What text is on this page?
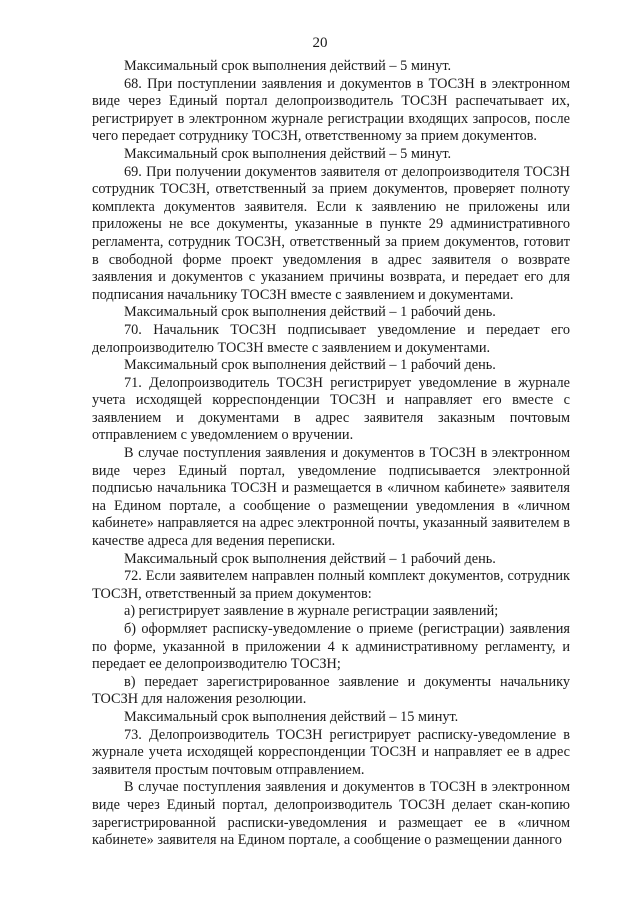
20

Максимальный срок выполнения действий – 5 минут.

68. При поступлении заявления и документов в ТОСЗН в электронном виде через Единый портал делопроизводитель ТОСЗН распечатывает их, регистрирует в электронном журнале регистрации входящих запросов, после чего передает сотруднику ТОСЗН, ответственному за прием документов.

Максимальный срок выполнения действий – 5 минут.

69. При получении документов заявителя от делопроизводителя ТОСЗН сотрудник ТОСЗН, ответственный за прием документов, проверяет полноту комплекта документов заявителя. Если к заявлению не приложены или приложены не все документы, указанные в пункте 29 административного регламента, сотрудник ТОСЗН, ответственный за прием документов, готовит в свободной форме проект уведомления в адрес заявителя о возврате заявления и документов с указанием причины возврата, и передает его для подписания начальнику ТОСЗН вместе с заявлением и документами.

Максимальный срок выполнения действий – 1 рабочий день.

70. Начальник ТОСЗН подписывает уведомление и передает его делопроизводителю ТОСЗН вместе с заявлением и документами.

Максимальный срок выполнения действий – 1 рабочий день.

71. Делопроизводитель ТОСЗН регистрирует уведомление в журнале учета исходящей корреспонденции ТОСЗН и направляет его вместе с заявлением и документами в адрес заявителя заказным почтовым отправлением с уведомлением о вручении.

В случае поступления заявления и документов в ТОСЗН в электронном виде через Единый портал, уведомление подписывается электронной подписью начальника ТОСЗН и размещается в «личном кабинете» заявителя на Едином портале, а сообщение о размещении уведомления в «личном кабинете» направляется на адрес электронной почты, указанный заявителем в качестве адреса для ведения переписки.

Максимальный срок выполнения действий – 1 рабочий день.

72. Если заявителем направлен полный комплект документов, сотрудник ТОСЗН, ответственный за прием документов:

а) регистрирует заявление в журнале регистрации заявлений;

б) оформляет расписку-уведомление о приеме (регистрации) заявления по форме, указанной в приложении 4 к административному регламенту, и передает ее делопроизводителю ТОСЗН;

в) передает зарегистрированное заявление и документы начальнику ТОСЗН для наложения резолюции.

Максимальный срок выполнения действий – 15 минут.

73. Делопроизводитель ТОСЗН регистрирует расписку-уведомление в журнале учета исходящей корреспонденции ТОСЗН и направляет ее в адрес заявителя простым почтовым отправлением.

В случае поступления заявления и документов в ТОСЗН в электронном виде через Единый портал, делопроизводитель ТОСЗН делает скан-копию зарегистрированной расписки-уведомления и размещает ее в «личном кабинете» заявителя на Едином портале, а сообщение о размещении данного
